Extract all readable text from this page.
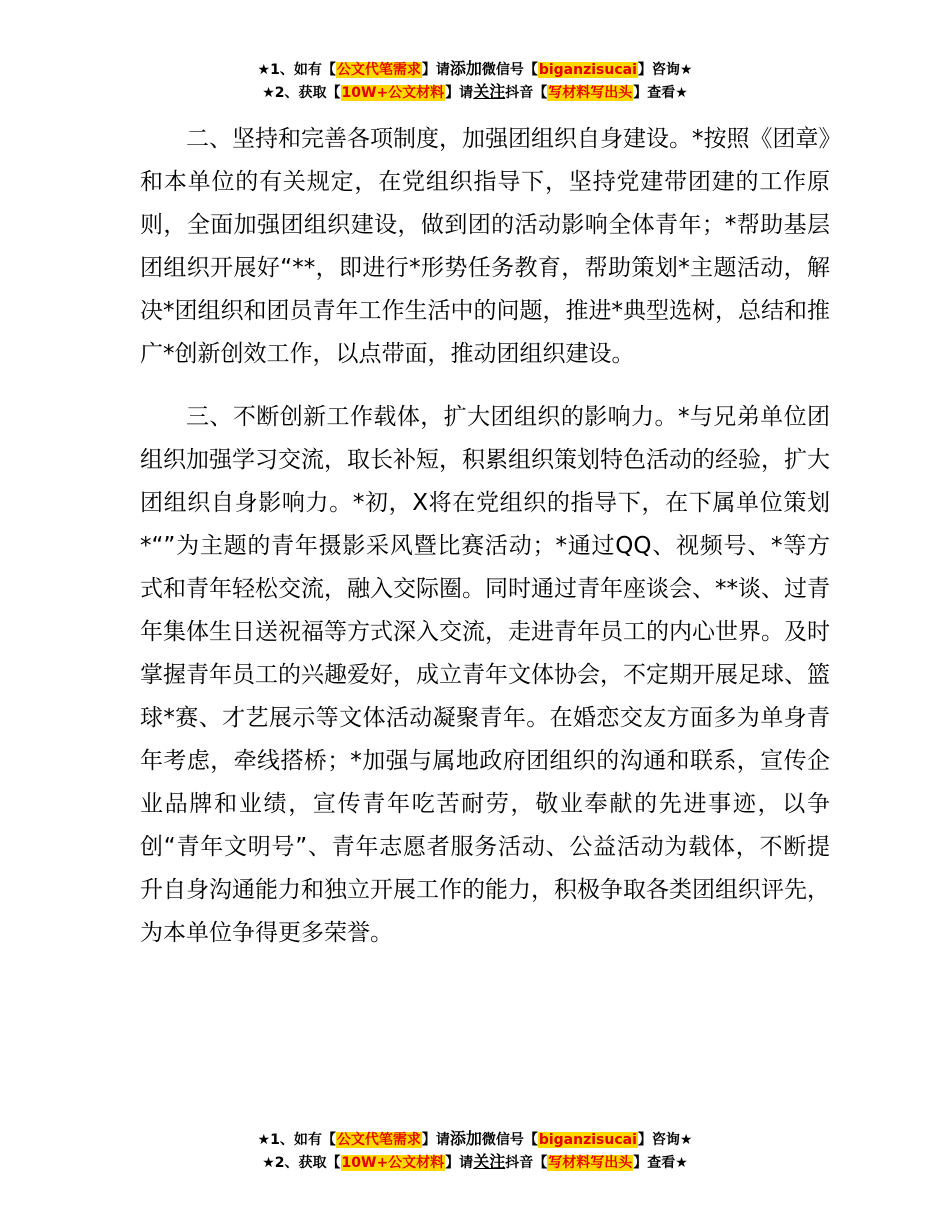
★1、如有【公文代笔需求】请添加微信号【biganzisucai】咨询★
★2、获取【10W+公文材料】请关注抖音【写材料写出头】查看★

二、坚持和完善各项制度，加强团组织自身建设。*按照《团章》和本单位的有关规定，在党组织指导下，坚持党建带团建的工作原则，全面加强团组织建设，做到团的活动影响全体青年；*帮助基层团组织开展好“**，即进行*形势任务教育，帮助策划*主题活动，解决*团组织和团员青年工作生活中的问题，推进*典型选树，总结和推广*创新创效工作，以点带面，推动团组织建设。

三、不断创新工作载体，扩大团组织的影响力。*与兄弟单位团组织加强学习交流，取长补短，积累组织策划特色活动的经验，扩大团组织自身影响力。*初，X将在党组织的指导下，在下属单位策划*“”为主题的青年摄影采风暨比赛活动；*通过QQ、视频号、*等方式和青年轻松交流，融入交际圈。同时通过青年座谈会、**谈、过青年集体生日送祝福等方式深入交流，走进青年员工的内心世界。及时掌握青年员工的兴趣爱好，成立青年文体协会，不定期开展足球、篮球*赛、才艺展示等文体活动凝聚青年。在婚恋交友方面多为单身青年考虑，牵线搭桥；*加强与属地政府团组织的沟通和联系，宣传企业品牌和业绩，宣传青年吃苦耐劳，敬业奉献的先进事迹，以争创“青年文明号”、青年志愿者服务活动、公益活动为载体，不断提升自身沟通能力和独立开展工作的能力，积极争取各类团组织评先，为本单位争得更多荣誉。

★1、如有【公文代笔需求】请添加微信号【biganzisucai】咨询★
★2、获取【10W+公文材料】请关注抖音【写材料写出头】查看★
